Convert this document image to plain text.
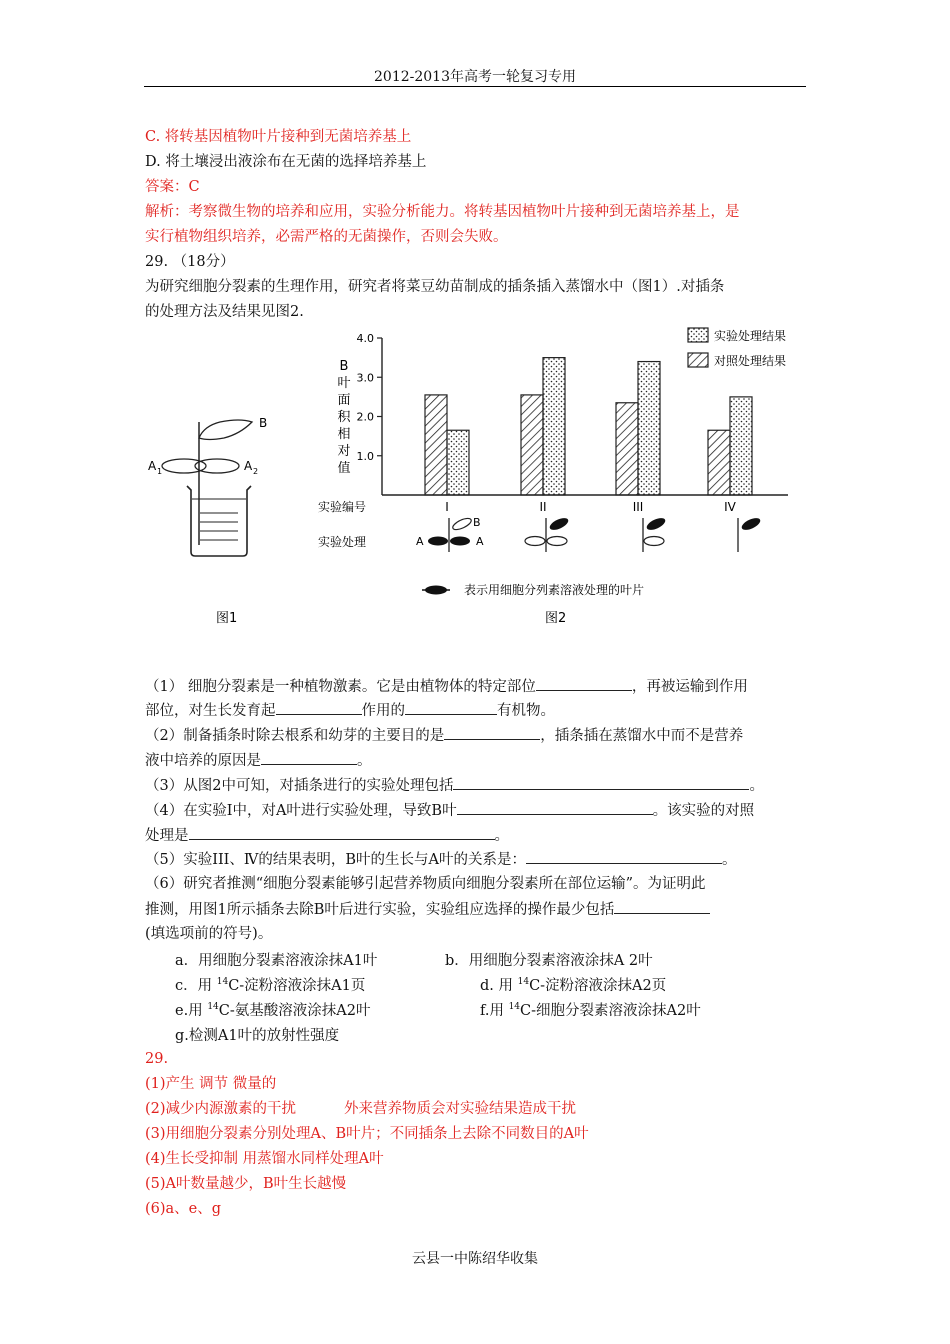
2012-2013年高考一轮复习专用
C. 将转基因植物叶片接种到无菌培养基上
D. 将土壤浸出液涂布在无菌的选择培养基上
答案：C
解析：考察微生物的培养和应用，实验分析能力。将转基因植物叶片接种到无菌培养基上，是
实行植物组织培养，必需严格的无菌操作，否则会失败。
29. （18分）
为研究细胞分裂素的生理作用，研究者将菜豆幼苗制成的插条插入蒸馏水中（图1）.对插条
的处理方法及结果见图2.
B
A 1	A 2
图1
B
叶
面
积
相
对
值
1.0
2.0
3.0
4.0
I	II	III	IV
实验处理结果
对照处理结果
实验编号
实验处理
B
A	A
表示用细胞分列素溶液处理的叶片
图2
（1） 细胞分裂素是一种植物激素。它是由植物体的特定部位	，再被运输到作用
部位，对生长发育起	作用的	有机物。
（2）制备插条时除去根系和幼芽的主要目的是	，插条插在蒸馏水中而不是营养
液中培养的原因是	。
（3）从图2中可知，对插条进行的实验处理包括	。
（4）在实验Ⅰ中，对A叶进行实验处理，导致B叶	。该实验的对照
处理是	。
（5）实验III、Ⅳ的结果表明，B叶的生长与A叶的关系是：	。
（6）研究者推测“细胞分裂素能够引起营养物质向细胞分裂素所在部位运输”。为证明此
推测，用图1所示插条去除B叶后进行实验，实验组应选择的操作最少包括
(填选项前的符号)。
a．用细胞分裂素溶液涂抹A1叶	b．用细胞分裂素溶液涂抹A 2叶
c．用 $^{14}$C-淀粉溶液涂抹A1页	d. 用 $^{14}$C-淀粉溶液涂抹A2页
e.用 $^{14}$C-氨基酸溶液涂抹A2叶	f.用 $^{14}$C-细胞分裂素溶液涂抹A2叶
g.检测A1叶的放射性强度
29.
(1)产生 调节 微量的
(2)减少内源激素的干扰	外来营养物质会对实验结果造成干扰
(3)用细胞分裂素分别处理A、B叶片；不同插条上去除不同数目的A叶
(4)生长受抑制 用蒸馏水同样处理A叶
(5)A叶数量越少，B叶生长越慢
(6)a、e、g
云县一中陈绍华收集
